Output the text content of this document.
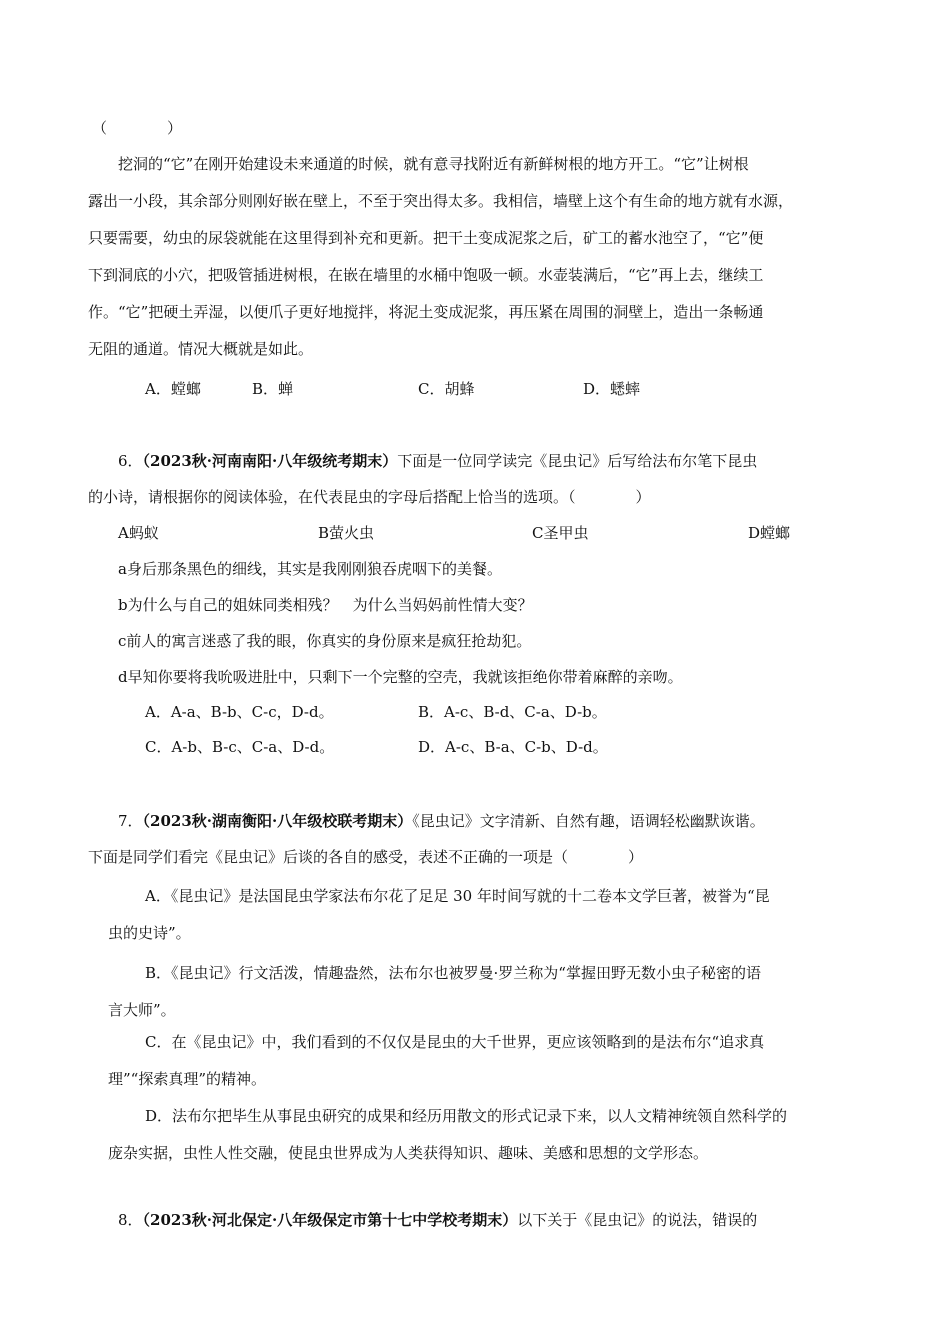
（　　　　）
挖洞的“它”在刚开始建设未来通道的时候，就有意寻找附近有新鲜树根的地方开工。“它”让树根
露出一小段，其余部分则刚好嵌在壁上，不至于突出得太多。我相信，墙壁上这个有生命的地方就有水源，
只要需要，幼虫的尿袋就能在这里得到补充和更新。把干土变成泥浆之后，矿工的蓄水池空了，“它”便
下到洞底的小穴，把吸管插进树根，在嵌在墙里的水桶中饱吸一顿。水壶装满后，“它”再上去，继续工
作。“它”把硬土弄湿，以便爪子更好地搅拌，将泥土变成泥浆，再压紧在周围的洞壁上，造出一条畅通
无阻的通道。情况大概就是如此。
A．螳螂	B．蝉	C．胡蜂	D．蟋蟀
6．（2023秋·河南南阳·八年级统考期末）下面是一位同学读完《昆虫记》后写给法布尔笔下昆虫
的小诗，请根据你的阅读体验，在代表昆虫的字母后搭配上恰当的选项。（　　　　）
A蚂蚁	B萤火虫	C圣甲虫	D螳螂
a身后那条黑色的细线，其实是我刚刚狼吞虎咽下的美餐。
b为什么与自己的姐妹同类相残？　为什么当妈妈前性情大变？
c前人的寓言迷惑了我的眼，你真实的身份原来是疯狂抢劫犯。
d早知你要将我吮吸进肚中，只剩下一个完整的空壳，我就该拒绝你带着麻醉的亲吻。
A．A-a、B-b、C-c，D-d。	B．A-c、B-d、C-a、D-b。
C．A-b、B-c、C-a、D-d。	D．A-c、B-a、C-b、D-d。
7．（2023秋·湖南衡阳·八年级校联考期末）《昆虫记》文字清新、自然有趣，语调轻松幽默诙谐。
下面是同学们看完《昆虫记》后谈的各自的感受，表述不正确的一项是（　　　　）
A．《昆虫记》是法国昆虫学家法布尔花了足足 30 年时间写就的十二卷本文学巨著，被誉为“昆
虫的史诗”。
B．《昆虫记》行文活泼，情趣盎然，法布尔也被罗曼·罗兰称为“掌握田野无数小虫子秘密的语
言大师”。
C．在《昆虫记》中，我们看到的不仅仅是昆虫的大千世界，更应该领略到的是法布尔“追求真
理”“探索真理”的精神。
D．法布尔把毕生从事昆虫研究的成果和经历用散文的形式记录下来，以人文精神统领自然科学的
庞杂实据，虫性人性交融，使昆虫世界成为人类获得知识、趣味、美感和思想的文学形态。
8．（2023秋·河北保定·八年级保定市第十七中学校考期末）以下关于《昆虫记》的说法，错误的
